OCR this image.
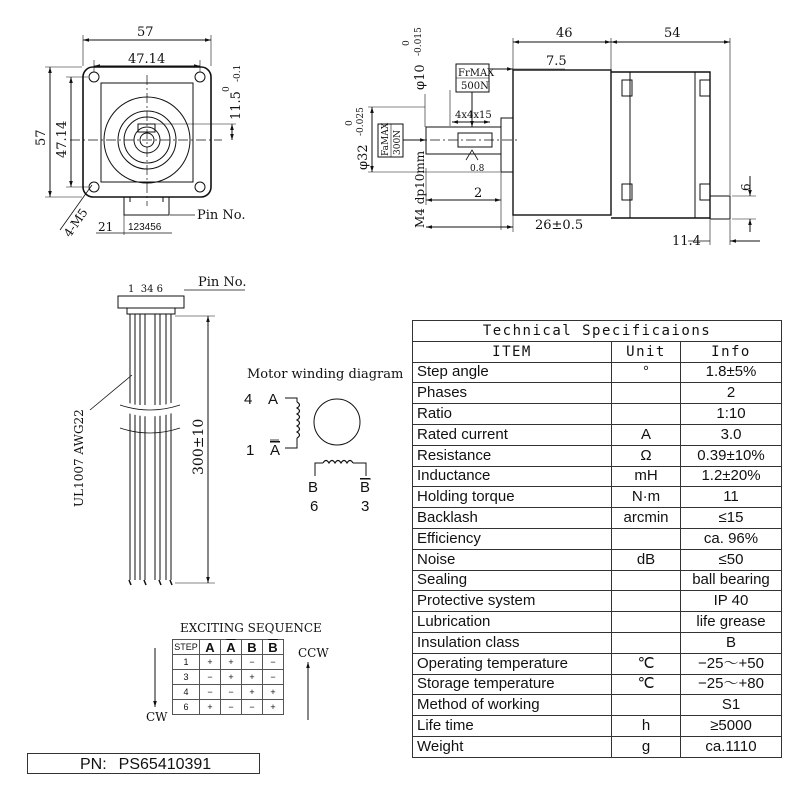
57
47.14
57 47.14
11.5
0
-0.1
4-M5 21 123456
Pin No.
46	54
7.5
φ10
0 -0.015
φ32
0 -0.025
FrMAX
500N
FaMAX 300N
4x4x15
0.8
M4 dp10mm	2
26±0.5
11.4
6
Pin No.
1  34 6
UL1007 AWG22	300±10
Motor winding diagram
4 A
1 A
B	B
6	3
EXCITING SEQUENCE
CCW
CW
STEP	A	$\overline{A}$	B	$\overline{B}$
1	+	+	−	−
3	−	+	+	−
4	−	−	+	+
6	+	−	−	+
PN: PS65410391
Technical Specificaions		
ITEM	Unit	Info
Step angle	°	1.8±5%
Phases		2
Ratio		1:10
Rated current	A	3.0
Resistance	Ω	0.39±10%
Inductance	mH	1.2±20%
Holding torque	N·m	11
Backlash	arcmin	≤15
Efficiency		ca. 96%
Noise	dB	≤50
Sealing		ball bearing
Protective system		IP 40
Lubrication		life grease
Insulation class		B
Operating temperature	℃	−25～+50
Storage temperature	℃	−25～+80
Method of working		S1
Life time	h	≥5000
Weight	g	ca.1110
